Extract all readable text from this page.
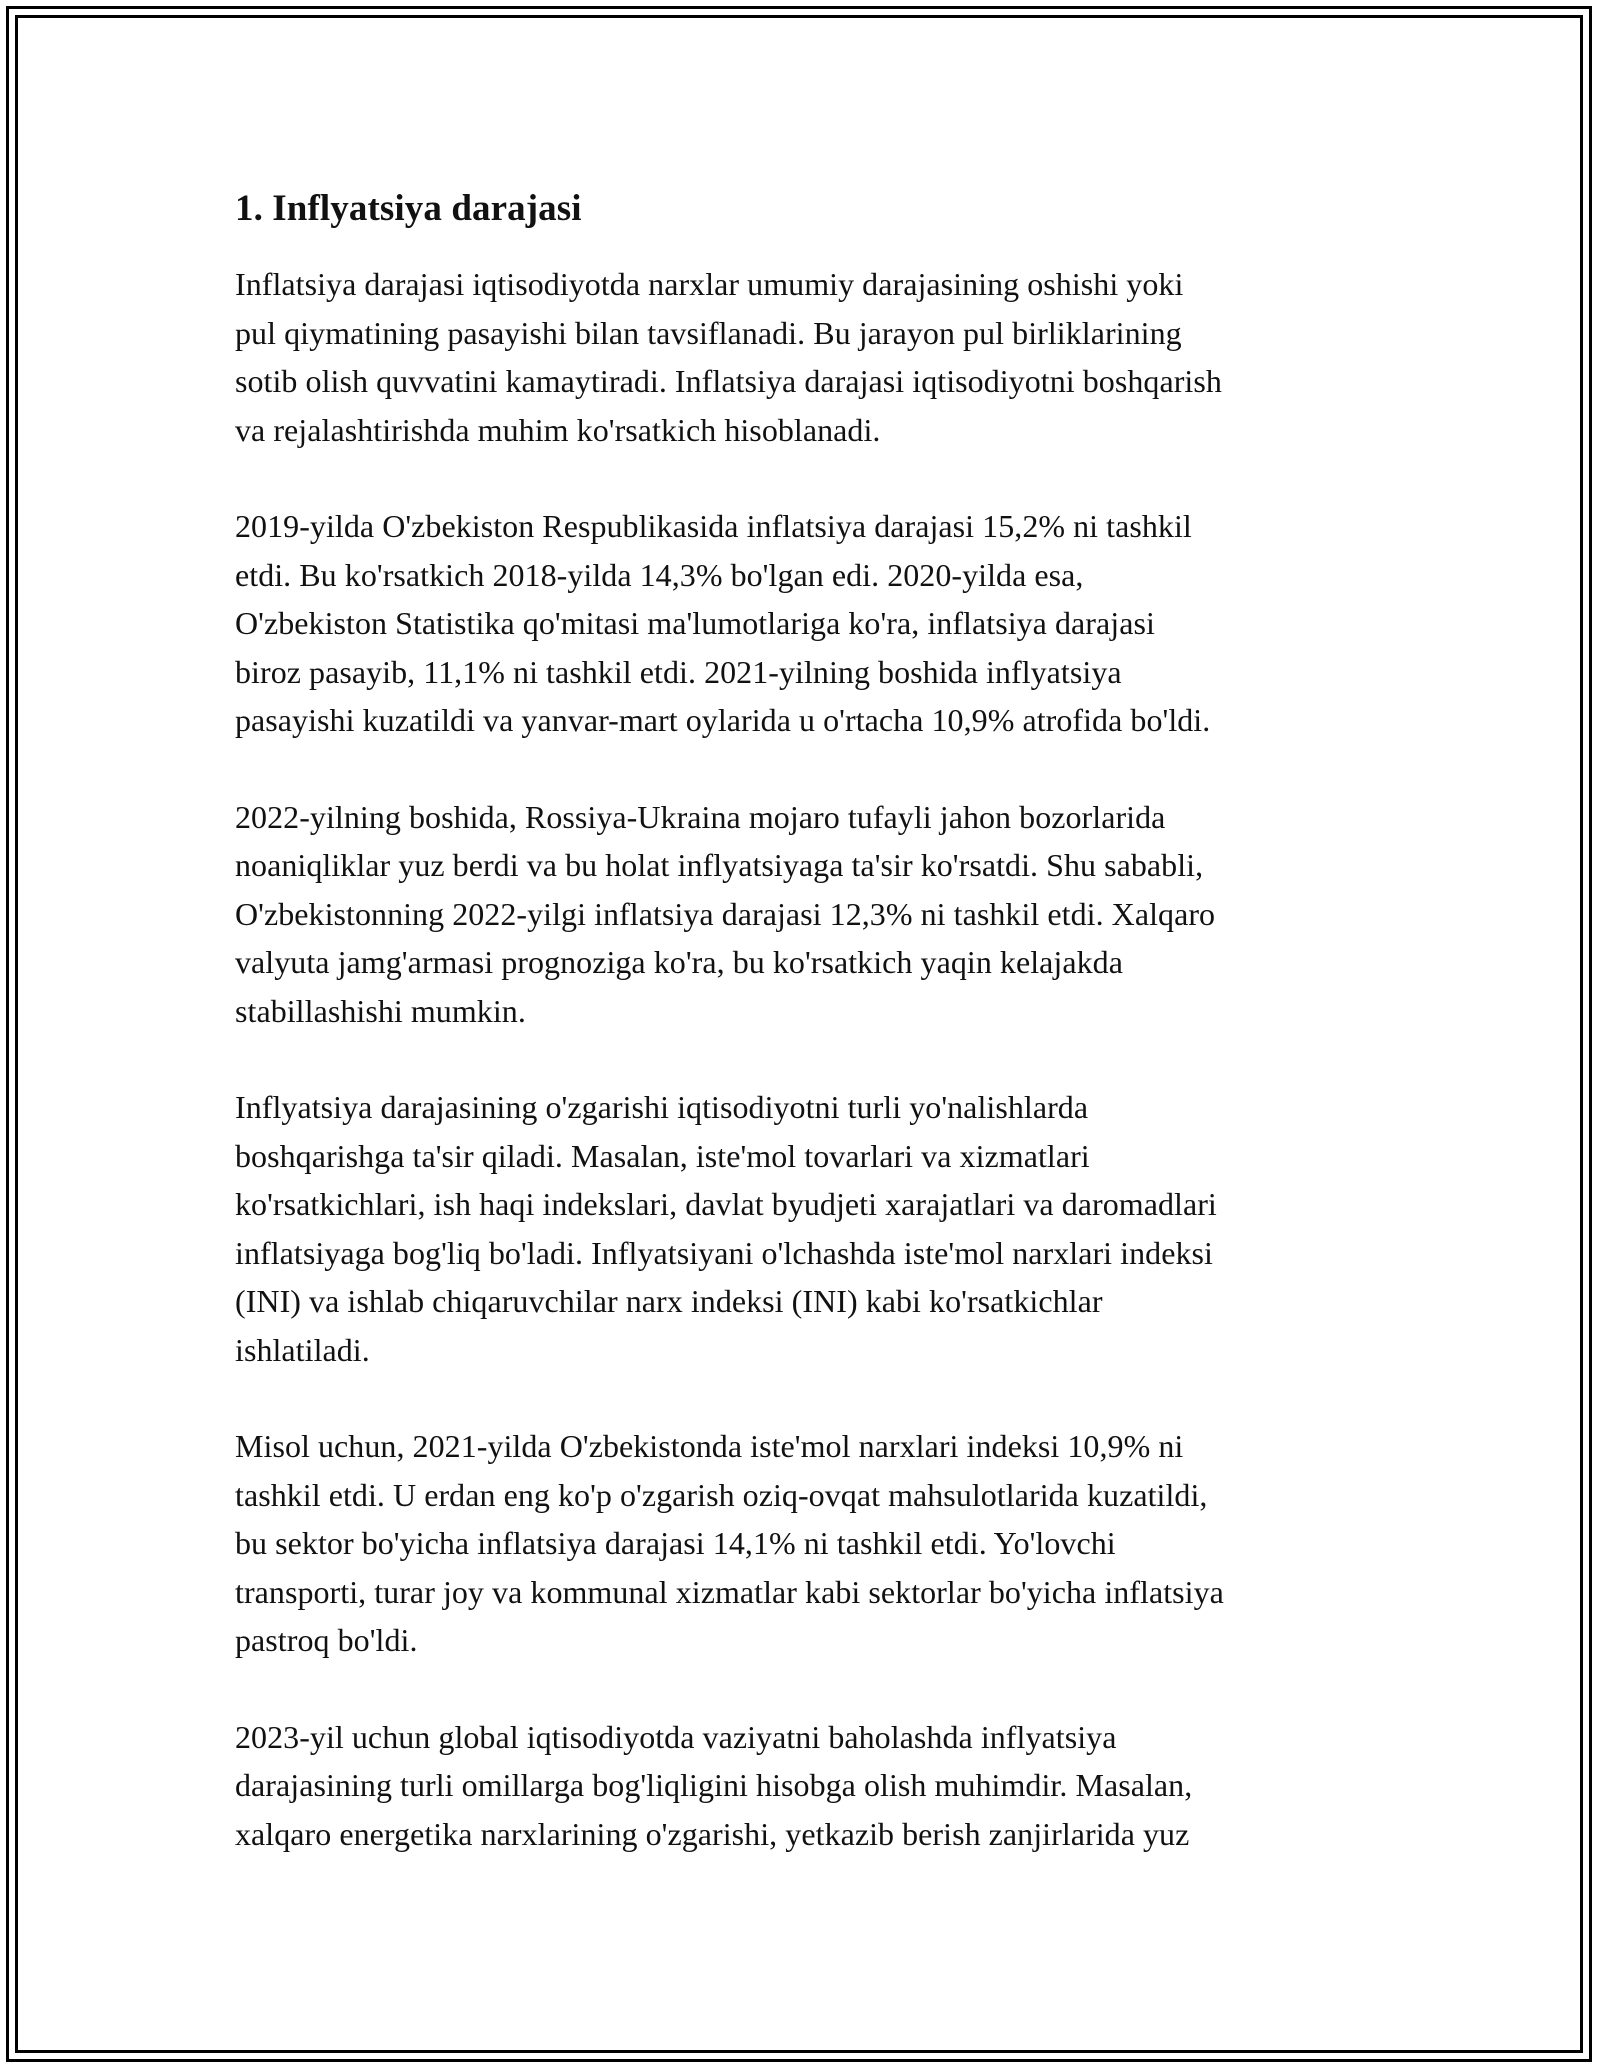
1. Inflyatsiya darajasi

Inflatsiya darajasi iqtisodiyotda narxlar umumiy darajasining oshishi yoki
pul qiymatining pasayishi bilan tavsiflanadi. Bu jarayon pul birliklarining
sotib olish quvvatini kamaytiradi. Inflatsiya darajasi iqtisodiyotni boshqarish
va rejalashtirishda muhim ko'rsatkich hisoblanadi.

2019-yilda O'zbekiston Respublikasida inflatsiya darajasi 15,2% ni tashkil
etdi. Bu ko'rsatkich 2018-yilda 14,3% bo'lgan edi. 2020-yilda esa,
O'zbekiston Statistika qo'mitasi ma'lumotlariga ko'ra, inflatsiya darajasi
biroz pasayib, 11,1% ni tashkil etdi. 2021-yilning boshida inflyatsiya
pasayishi kuzatildi va yanvar-mart oylarida u o'rtacha 10,9% atrofida bo'ldi.

2022-yilning boshida, Rossiya-Ukraina mojaro tufayli jahon bozorlarida
noaniqliklar yuz berdi va bu holat inflyatsiyaga ta'sir ko'rsatdi. Shu sababli,
O'zbekistonning 2022-yilgi inflatsiya darajasi 12,3% ni tashkil etdi. Xalqaro
valyuta jamg'armasi prognoziga ko'ra, bu ko'rsatkich yaqin kelajakda
stabillashishi mumkin.

Inflyatsiya darajasining o'zgarishi iqtisodiyotni turli yo'nalishlarda
boshqarishga ta'sir qiladi. Masalan, iste'mol tovarlari va xizmatlari
ko'rsatkichlari, ish haqi indekslari, davlat byudjeti xarajatlari va daromadlari
inflatsiyaga bog'liq bo'ladi. Inflyatsiyani o'lchashda iste'mol narxlari indeksi
(INI) va ishlab chiqaruvchilar narx indeksi (INI) kabi ko'rsatkichlar
ishlatiladi.

Misol uchun, 2021-yilda O'zbekistonda iste'mol narxlari indeksi 10,9% ni
tashkil etdi. U erdan eng ko'p o'zgarish oziq-ovqat mahsulotlarida kuzatildi,
bu sektor bo'yicha inflatsiya darajasi 14,1% ni tashkil etdi. Yo'lovchi
transporti, turar joy va kommunal xizmatlar kabi sektorlar bo'yicha inflatsiya
pastroq bo'ldi.

2023-yil uchun global iqtisodiyotda vaziyatni baholashda inflyatsiya
darajasining turli omillarga bog'liqligini hisobga olish muhimdir. Masalan,
xalqaro energetika narxlarining o'zgarishi, yetkazib berish zanjirlarida yuz
